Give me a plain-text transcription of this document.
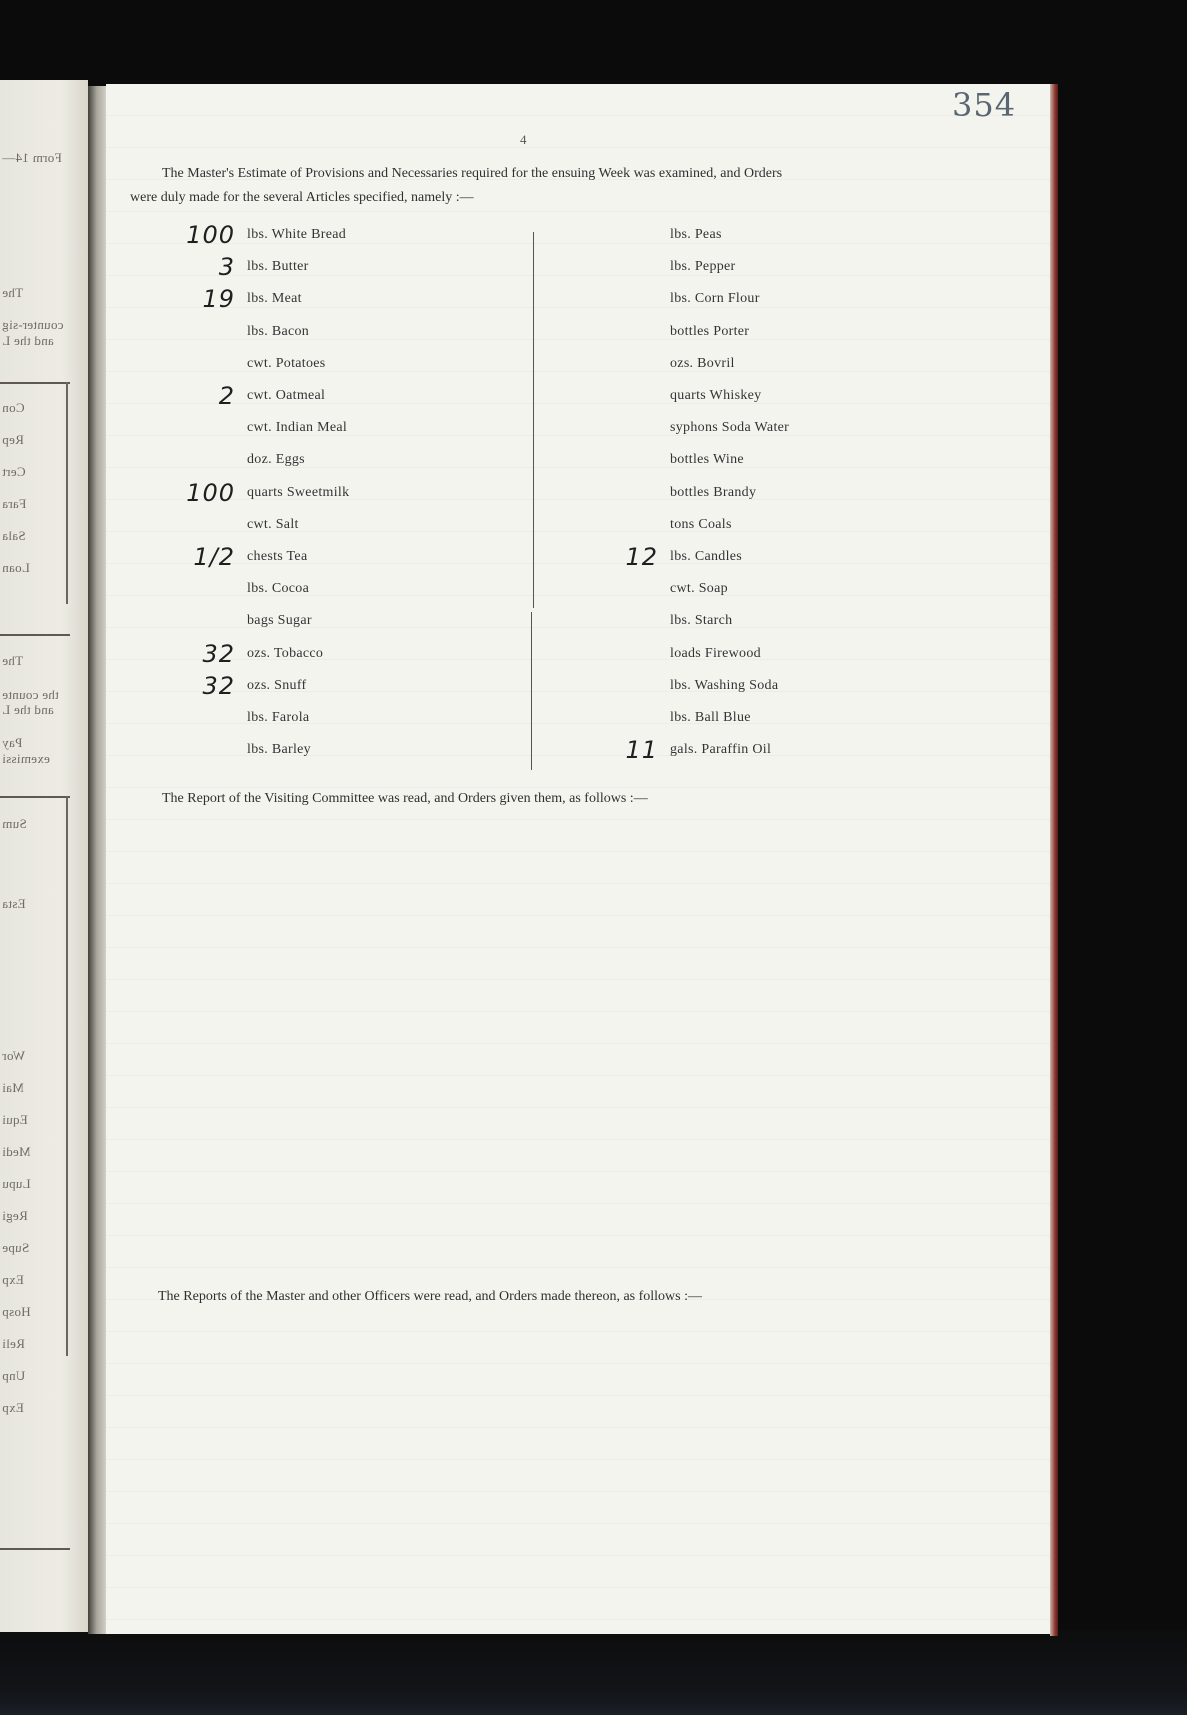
Form 14—
The
counter-sig
and the L
Con
Rep
Cert
Fara
Sala
Loan
The
the counte
and the L
Pay
exemissi
Sum
Esta
Wor
Mai
Equi
Medi
Lupu
Regi
Supe
Exp
Hosp
Reli
Unp
Exp
354
4
The Master's Estimate of Provisions and Necessaries required for the ensuing Week was examined, and Orders
were duly made for the several Articles specified, namely :—
100 lbs. White Bread
3 lbs. Butter
19 lbs. Meat
lbs. Bacon
cwt. Potatoes
2 cwt. Oatmeal
cwt. Indian Meal
doz. Eggs
100 quarts Sweetmilk
cwt. Salt
1/2 chests Tea
lbs. Cocoa
bags Sugar
32 ozs. Tobacco
32 ozs. Snuff
lbs. Farola
lbs. Barley
lbs. Peas
lbs. Pepper
lbs. Corn Flour
bottles Porter
ozs. Bovril
quarts Whiskey
syphons Soda Water
bottles Wine
bottles Brandy
tons Coals
12 lbs. Candles
cwt. Soap
lbs. Starch
loads Firewood
lbs. Washing Soda
lbs. Ball Blue
11 gals. Paraffin Oil
The Report of the Visiting Committee was read, and Orders given them, as follows :—
The Reports of the Master and other Officers were read, and Orders made thereon, as follows :—
